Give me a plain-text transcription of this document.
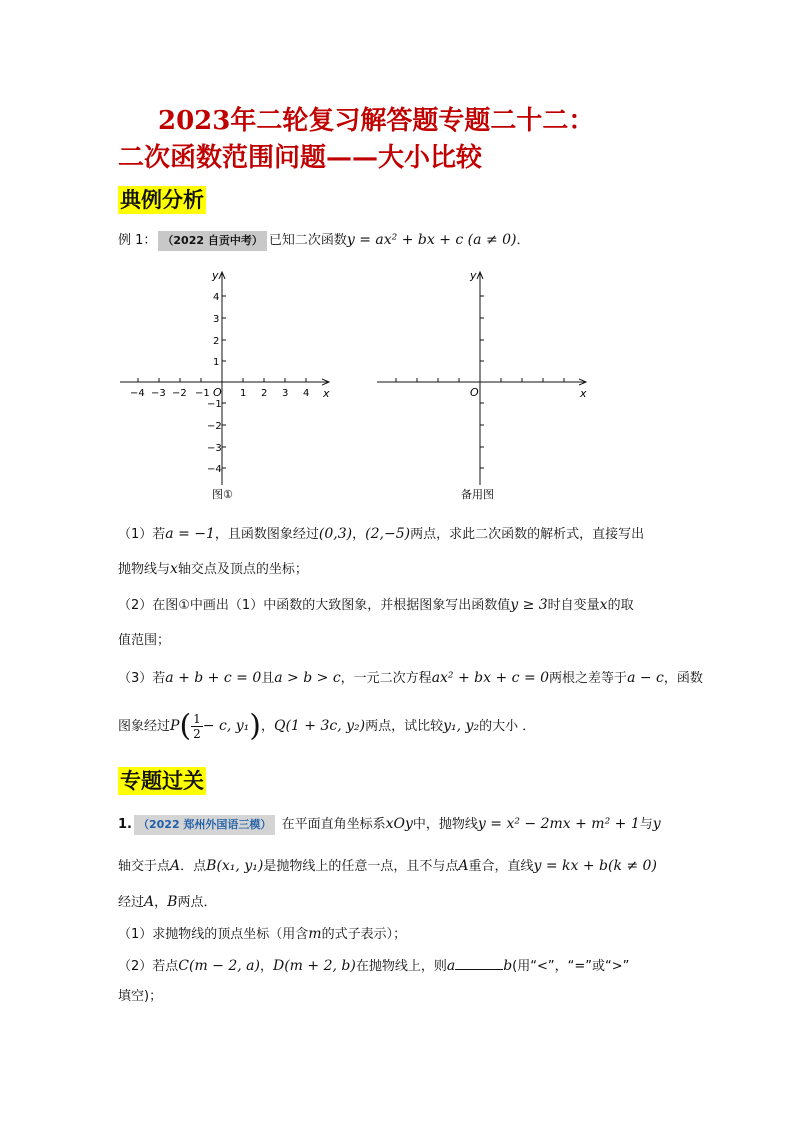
2023年二轮复习解答题专题二十二：
二次函数范围问题——大小比较
典例分析
例 1： （2022 自贡中考） 已知二次函数y = ax² + bx + c (a ≠ 0)．
x
y
O
−4 −3 −2 −1	1 2 3 4
4
3
2
1
−1
−2
−3
−4
图①
x
y
O
备用图
（1）若a = −1，且函数图象经过(0,3)，(2,−5)两点，求此二次函数的解析式，直接写出
抛物线与x轴交点及顶点的坐标；
（2）在图①中画出（1）中函数的大致图象，并根据图象写出函数值y ≥ 3时自变量x的取
值范围；
（3）若a + b + c = 0且a > b > c，一元二次方程ax² + bx + c = 0两根之差等于a − c，函数
图象经过$P( \frac{1}{2} - c$, y₁)，Q(1 + 3c, y₂)两点，试比较y₁, y₂的大小 ．
专题过关
1. （2022 郑州外国语三模） 在平面直角坐标系xOy中，抛物线y = x² − 2mx + m² + 1与y
轴交于点A．点B(x₁, y₁)是抛物线上的任意一点，且不与点A重合，直线y = kx + b(k ≠ 0)
经过A，B两点．
（1）求抛物线的顶点坐标（用含m的式子表示）；
（2）若点C(m − 2, a)，D(m + 2, b)在抛物线上，则a	b(用“<”，“=”或“>”
填空)；
